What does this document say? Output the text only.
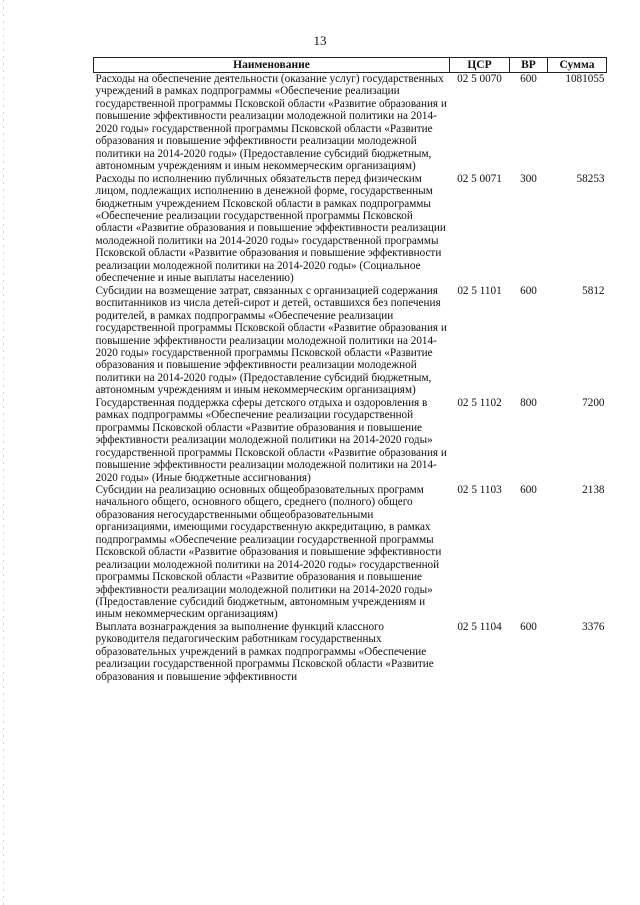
13
Наименование	ЦСР	ВР	Сумма
Расходы на обеспечение деятельности (оказание услуг) государственных учреждений в рамках подпрограммы «Обеспечение реализации государственной программы Псковской области «Развитие образования и повышение эффективности реализации молодежной политики на 2014-2020 годы» государственной программы Псковской области «Развитие образования и повышение эффективности реализации молодежной политики на 2014-2020 годы» (Предоставление субсидий бюджетным, автономным учреждениям и иным некоммерческим организациям)	02 5 0070	600	1081055
Расходы по исполнению публичных обязательств перед физическим лицом, подлежащих исполнению в денежной форме, государственным бюджетным учреждением Псковской области в рамках подпрограммы «Обеспечение реализации государственной программы Псковской области «Развитие образования и повышение эффективности реализации молодежной политики на 2014-2020 годы» государственной программы Псковской области «Развитие образования и повышение эффективности реализации молодежной политики на 2014-2020 годы» (Социальное обеспечение и иные выплаты населению)	02 5 0071	300	58253
Субсидии на возмещение затрат, связанных с организацией содержания воспитанников из числа детей-сирот и детей, оставшихся без попечения родителей, в рамках подпрограммы «Обеспечение реализации государственной программы Псковской области «Развитие образования и повышение эффективности реализации молодежной политики на 2014-2020 годы» государственной программы Псковской области «Развитие образования и повышение эффективности реализации молодежной политики на 2014-2020 годы» (Предоставление субсидий бюджетным, автономным учреждениям и иным некоммерческим организациям)	02 5 1101	600	5812
Государственная поддержка сферы детского отдыха и оздоровления в рамках подпрограммы «Обеспечение реализации государственной программы Псковской области «Развитие образования и повышение эффективности реализации молодежной политики на 2014-2020 годы» государственной программы Псковской области «Развитие образования и повышение эффективности реализации молодежной политики на 2014-2020 годы» (Иные бюджетные ассигнования)	02 5 1102	800	7200
Субсидии на реализацию основных общеобразовательных программ начального общего, основного общего, среднего (полного) общего образования негосударственными общеобразовательными организациями, имеющими государственную аккредитацию, в рамках подпрограммы «Обеспечение реализации государственной программы Псковской области «Развитие образования и повышение эффективности реализации молодежной политики на 2014-2020 годы» государственной программы Псковской области «Развитие образования и повышение эффективности реализации молодежной политики на 2014-2020 годы» (Предоставление субсидий бюджетным, автономным учреждениям и иным некоммерческим организациям)	02 5 1103	600	2138
Выплата вознаграждения за выполнение функций классного руководителя педагогическим работникам государственных образовательных учреждений в рамках подпрограммы «Обеспечение реализации государственной программы Псковской области «Развитие образования и повышение эффективности	02 5 1104	600	3376
